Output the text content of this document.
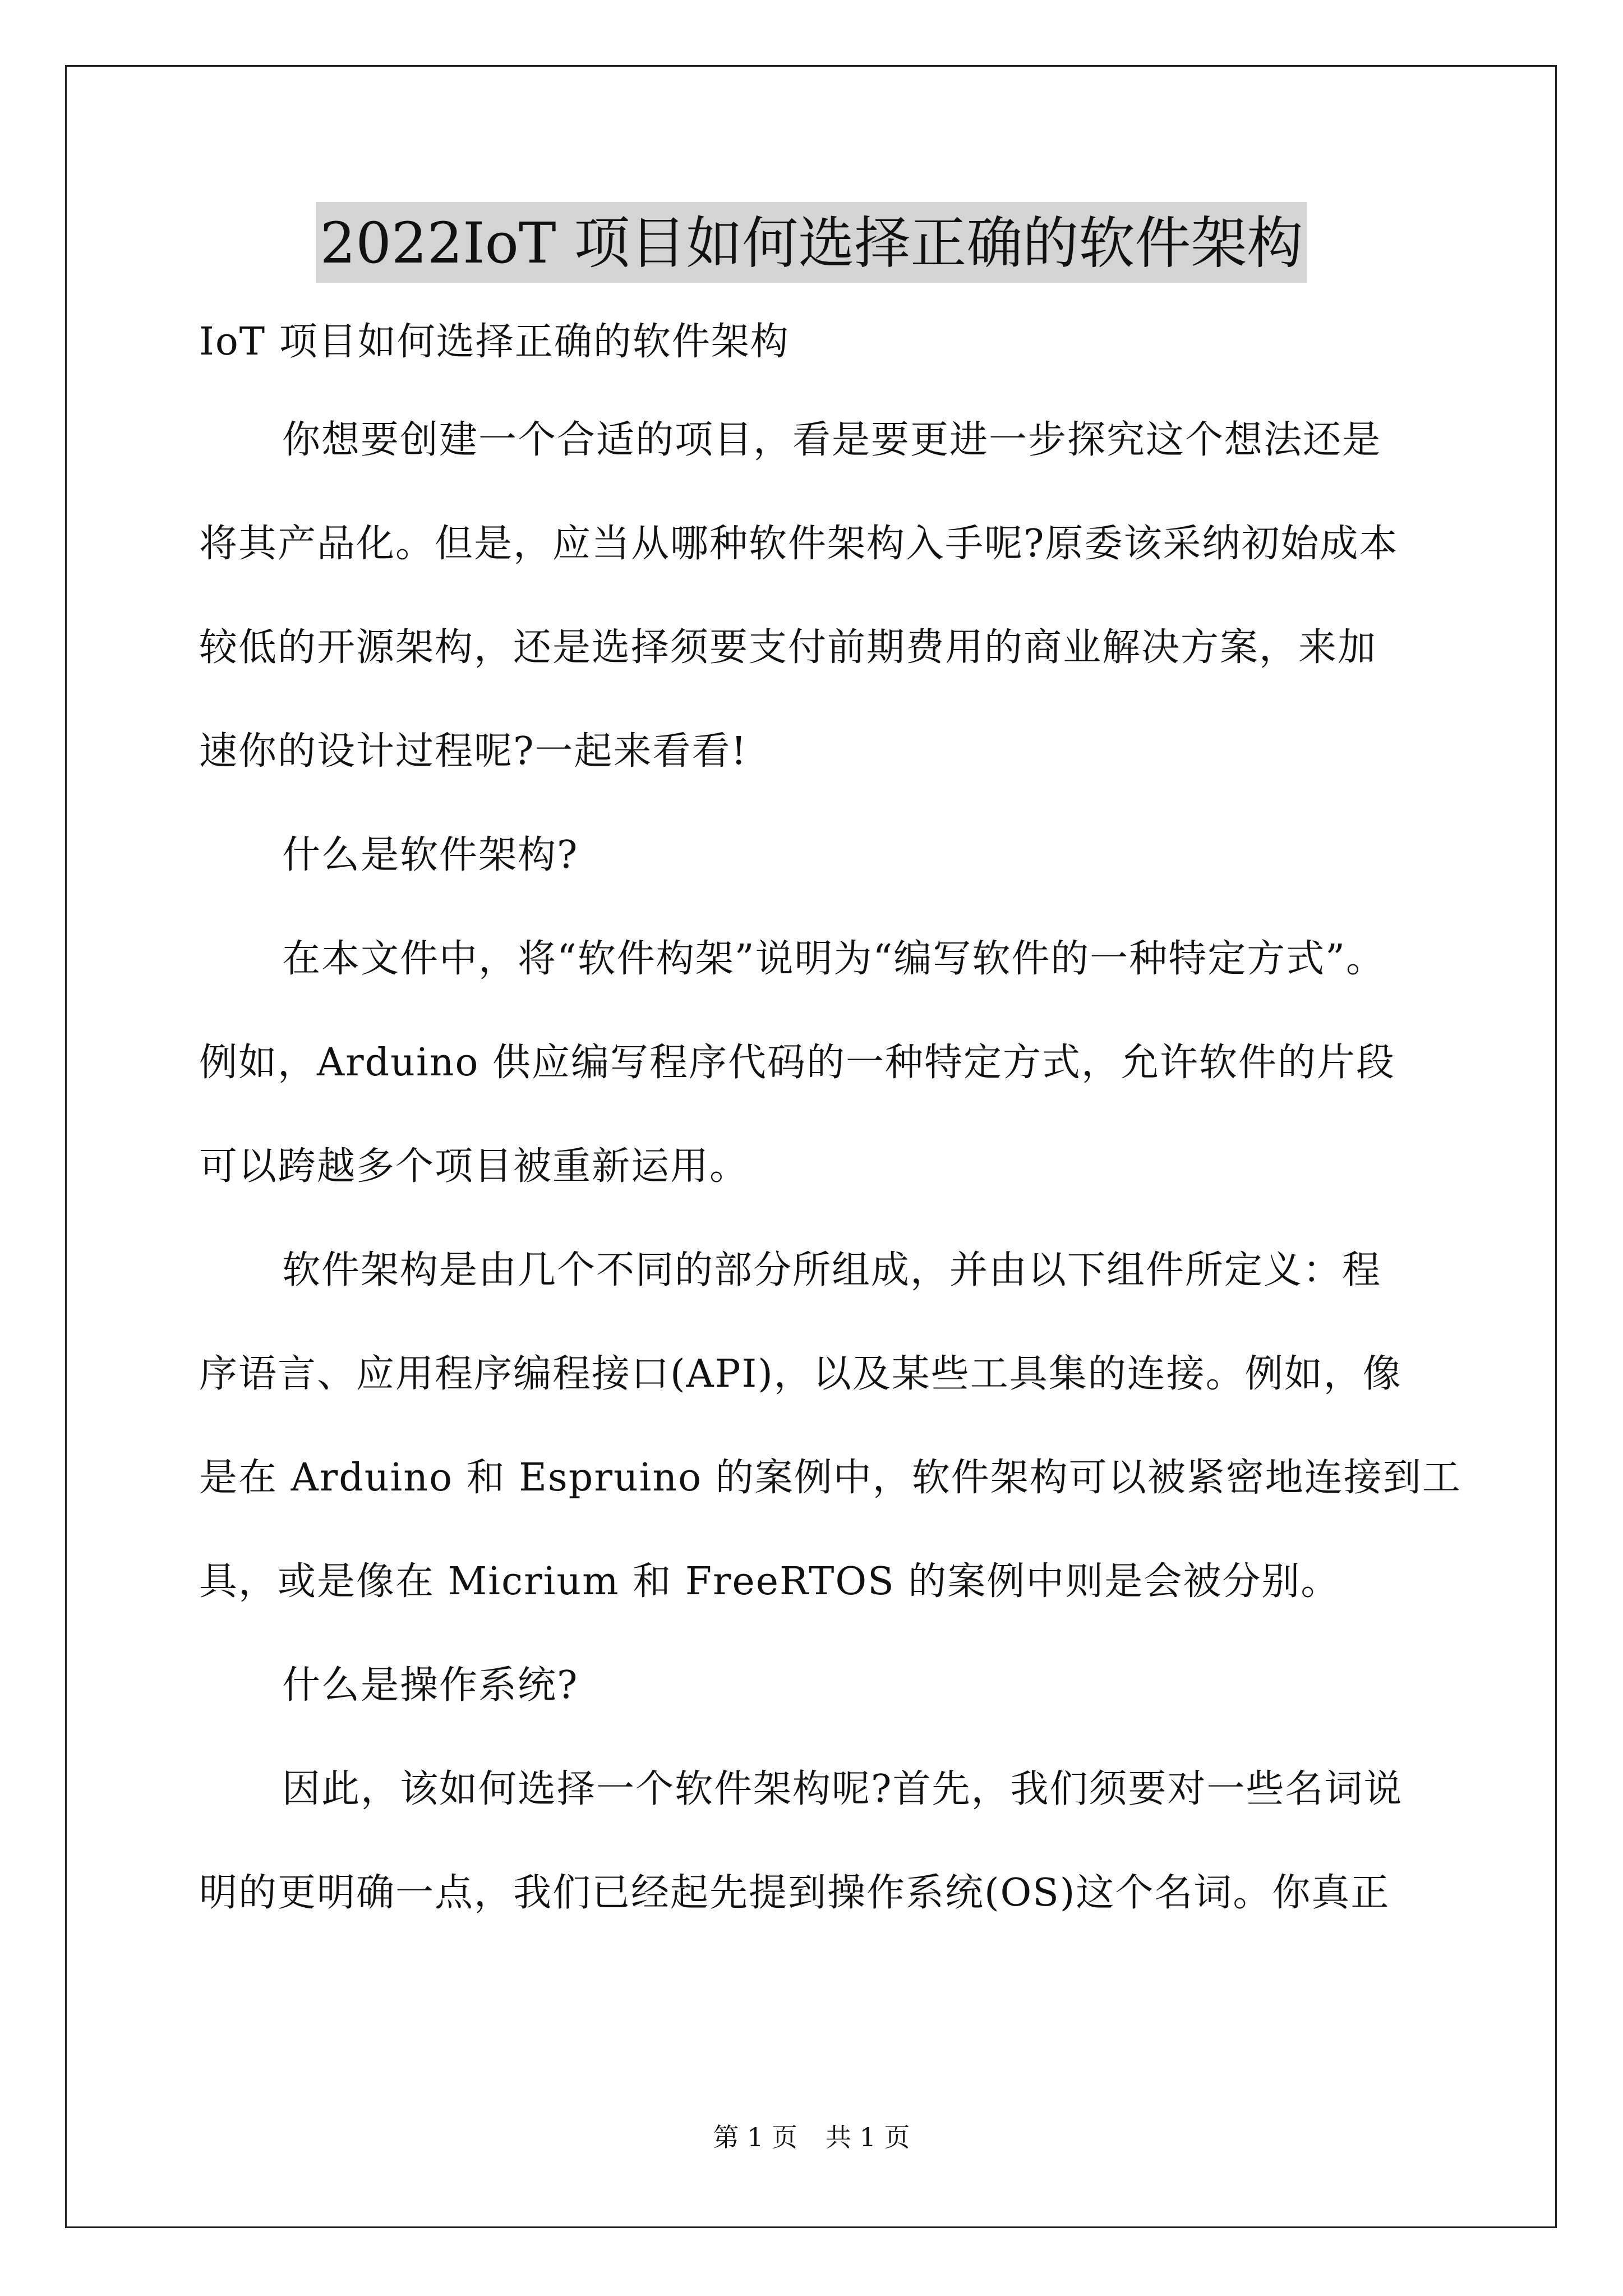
2022IoT 项目如何选择正确的软件架构
IoT 项目如何选择正确的软件架构
你想要创建一个合适的项目，看是要更进一步探究这个想法还是
将其产品化。但是，应当从哪种软件架构入手呢?原委该采纳初始成本
较低的开源架构，还是选择须要支付前期费用的商业解决方案，来加
速你的设计过程呢?一起来看看!
什么是软件架构?
在本文件中，将“软件构架”说明为“编写软件的一种特定方式”。
例如，Arduino 供应编写程序代码的一种特定方式，允许软件的片段
可以跨越多个项目被重新运用。
软件架构是由几个不同的部分所组成，并由以下组件所定义：程
序语言、应用程序编程接口(API)，以及某些工具集的连接。例如，像
是在 Arduino 和 Espruino 的案例中，软件架构可以被紧密地连接到工
具，或是像在 Micrium 和 FreeRTOS 的案例中则是会被分别。
什么是操作系统?
因此，该如何选择一个软件架构呢?首先，我们须要对一些名词说
明的更明确一点，我们已经起先提到操作系统(OS)这个名词。你真正
第 1 页 共 1 页
